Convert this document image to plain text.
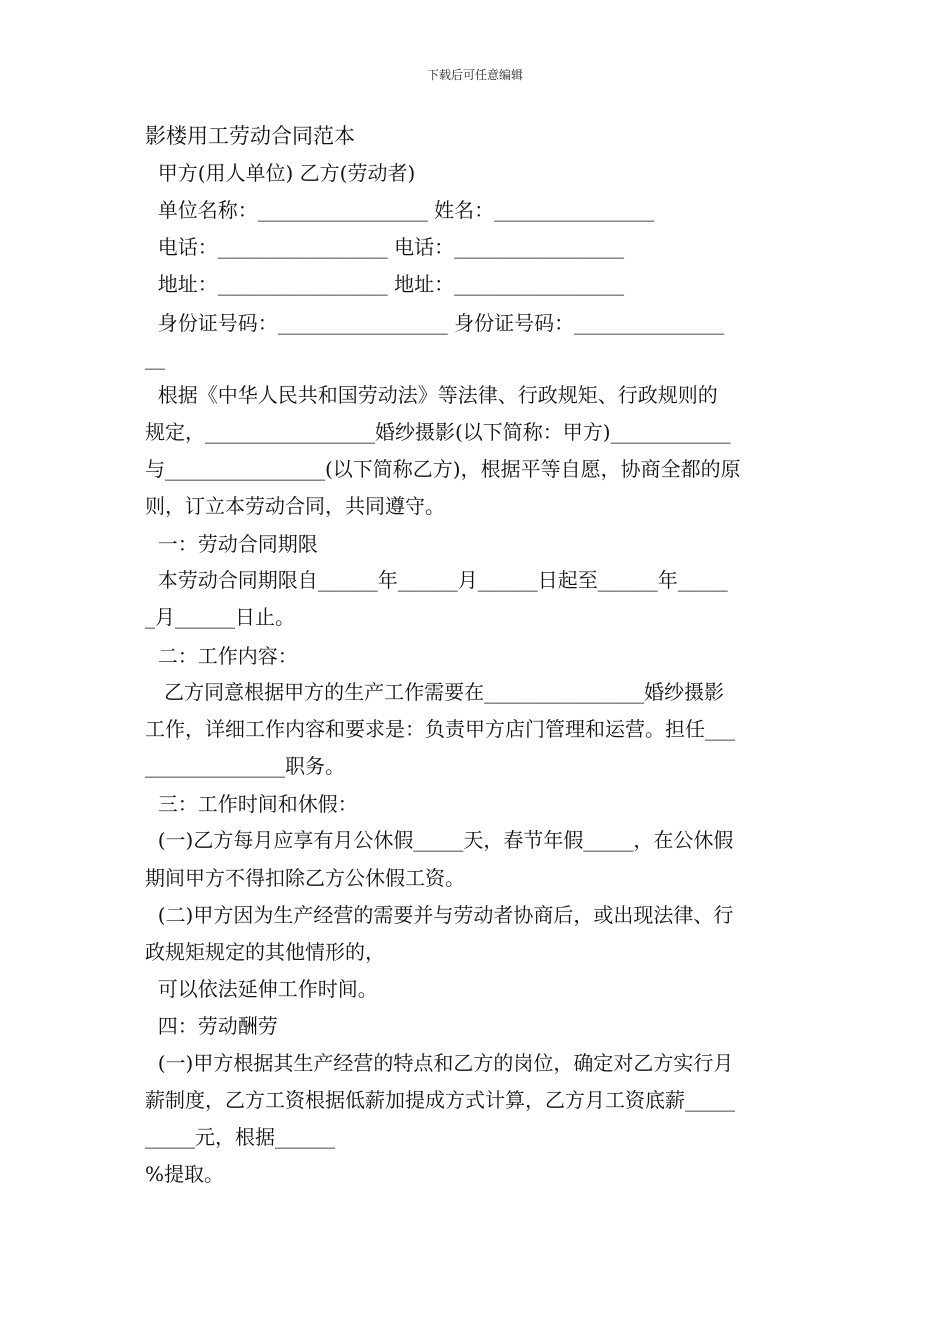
下载后可任意编辑
影楼用工劳动合同范本
甲方(用人单位) 乙方(劳动者)
单位名称：_________________ 姓名：________________
电话：_________________ 电话：_________________
地址：_________________ 地址：_________________
身份证号码：_________________ 身份证号码：_______________
__
根据《中华人民共和国劳动法》等法律、行政规矩、行政规则的
规定，_________________婚纱摄影(以下简称：甲方)____________
与________________(以下简称乙方)，根据平等自愿，协商全都的原
则，订立本劳动合同，共同遵守。
一：劳动合同期限
本劳动合同期限自______年______月______日起至______年_____
_月______日止。
二：工作内容：
乙方同意根据甲方的生产工作需要在________________婚纱摄影
工作，详细工作内容和要求是：负责甲方店门管理和运营。担任___
______________职务。
三：工作时间和休假：
(一)乙方每月应享有月公休假_____天，春节年假_____，在公休假
期间甲方不得扣除乙方公休假工资。
(二)甲方因为生产经营的需要并与劳动者协商后，或出现法律、行
政规矩规定的其他情形的，
可以依法延伸工作时间。
四：劳动酬劳
(一)甲方根据其生产经营的特点和乙方的岗位，确定对乙方实行月
薪制度，乙方工资根据低薪加提成方式计算，乙方月工资底薪_____
_____元，根据______
%提取。
